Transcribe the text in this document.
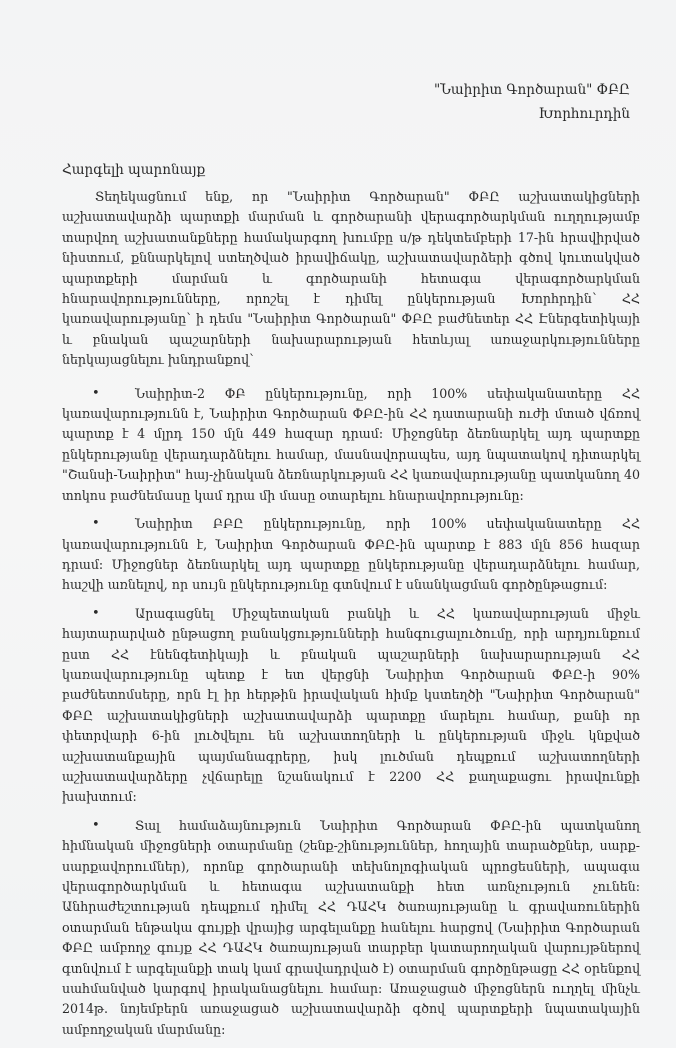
"Նաիրիտ Գործարան" ՓԲԸ
Խորհուրդին
Հարգելի պարոնայք

Տեղեկացնում ենք, որ "Նաիրիտ Գործարան" ՓԲԸ աշխատակիցների աշխատավարձի պարտքի մարման և գործարանի վերագործարկման ուղղությամբ տարվող աշխատանքները համակարգող խումբը ս/թ դեկտեմբերի 17-ին հրավիրված նիստում, քննարկելով ստեղծված իրավիճակը, աշխատավարձերի գծով կուտակված պարտքերի մարման և գործարանի հետագա վերագործարկման հնարավորությունները, որոշել է դիմել ընկերության Խորհրդին՝ ՀՀ կառավարությանը՝ ի դեմս "Նաիրիտ Գործարան" ՓԲԸ բաժնետեր ՀՀ Էներգետիկայի և բնական պաշարների նախարարության հետևյալ առաջարկությունները ներկայացնելու խնդրանքով՝

•	Նաիրիտ-2 ՓԲ ընկերությունը, որի 100% սեփականատերը ՀՀ կառավարությունն է, Նաիրիտ Գործարան ՓԲԸ-ին ՀՀ դատարանի ուժի մտած վճռով պարտք է 4 մլրդ 150 մլն 449 հազար դրամ: Միջոցներ ձեռնարկել այդ պարտքը ընկերությանը վերադարձնելու համար, մասնավորապես, այդ նպատակով դիտարկել "Շանսի-Նաիրիտ" հայ-չինական ձեռնարկության ՀՀ կառավարությանը պատկանող 40 տոկոս բաժնեմասը կամ դրա մի մասը օտարելու հնարավորությունը:
•	Նաիրիտ ԲԲԸ ընկերությունը, որի 100% սեփականատերը ՀՀ կառավարությունն է, Նաիրիտ Գործարան ՓԲԸ-ին պարտք է 883 մլն 856 հազար դրամ: Միջոցներ ձեռնարկել այդ պարտքը ընկերությանը վերադարձնելու համար, հաշվի առնելով, որ սույն ընկերությունը գտնվում է սնանկացման գործընթացում:
•	Արագացնել Միջպետական բանկի և ՀՀ կառավարության միջև հայտարարված ընթացող բանակցությունների հանգուցալուծումը, որի արդյունքում ըստ ՀՀ էնենգետիկայի և բնական պաշարների նախարարության ՀՀ կառավարությունը պետք է ետ վերցնի Նաիրիտ Գործարան ՓԲԸ-ի 90% բաժնետոմսերը, որն էլ իր հերթին իրավական հիմք կստեղծի "Նաիրիտ Գործարան" ՓԲԸ աշխատակիցների աշխատավարձի պարտքը մարելու համար, քանի որ փետրվարի 6-ին լուծվելու են աշխատողների և ընկերության միջև կնքված աշխատանքային պայմանագրերը, իսկ լուծման դեպքում աշխատողների աշխատավարձերը չվճարելը նշանակում է 2200 ՀՀ քաղաքացու իրավունքի խախտում:
•	Տալ համաձայնություն Նաիրիտ Գործարան ՓԲԸ-ին պատկանող հիմնական միջոցների օտարմանը (շենք-շինություններ, հողային տարածքներ, սարք-սարքավորումներ), որոնք գործարանի տեխնոլոգիական պրոցեսների, ապագա վերագործարկման և հետագա աշխատանքի հետ առնչություն չունեն: Անհրաժեշտության դեպքում դիմել ՀՀ ԴԱՀԿ ծառայությանը և գրավառուներին օտարման ենթակա գույքի վրայից արգելանքը հանելու հարցով (Նաիրիտ Գործարան ՓԲԸ ամբողջ գույք ՀՀ ԴԱՀԿ ծառայության տարբեր կատարողական վարույթներով գտնվում է արգելանքի տակ կամ գրավադրված է) օտարման գործընթացը ՀՀ օրենքով սահմանված կարգով իրականացնելու համար: Առաջացած միջոցներն ուղղել մինչև 2014թ. նոյեմբերն առաջացած աշխատավարձի գծով պարտքերի նպատակային ամբողջական մարմանը:
